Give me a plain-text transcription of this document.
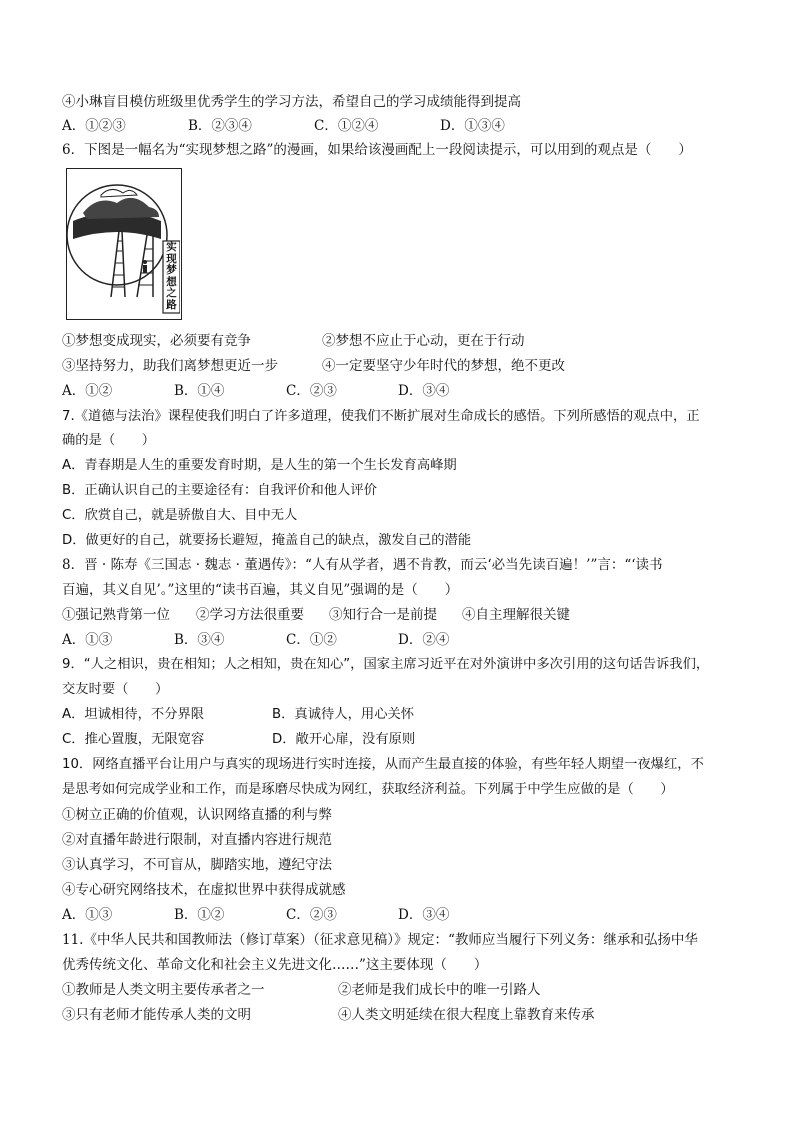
④小琳盲目模仿班级里优秀学生的学习方法，希望自己的学习成绩能得到提高
A．①②③	B．②③④	C．①②④	D．①③④
6．下图是一幅名为“实现梦想之路”的漫画，如果给该漫画配上一段阅读提示，可以用到的观点是（　　）
实
现
梦
想
之
路
①梦想变成现实，必须要有竞争	②梦想不应止于心动，更在于行动
③坚持努力，助我们离梦想更近一步	④一定要坚守少年时代的梦想，绝不更改
A．①②	B．①④	C．②③	D．③④
7.《道德与法治》课程使我们明白了许多道理，使我们不断扩展对生命成长的感悟。下列所感悟的观点中，正
确的是（　　）
A．青春期是人生的重要发育时期，是人生的第一个生长发育高峰期
B．正确认识自己的主要途径有：自我评价和他人评价
C．欣赏自己，就是骄傲自大、目中无人
D．做更好的自己，就要扬长避短，掩盖自己的缺点，激发自己的潜能
8．晋 · 陈寿《三国志 · 魏志 · 董遇传》：“人有从学者，遇不肯教，而云‘必当先读百遍！’”言：“‘读书
百遍，其义自见’。”这里的“读书百遍，其义自见”强调的是（　　）
①强记熟背第一位 ②学习方法很重要 ③知行合一是前提 ④自主理解很关键
A．①③	B．③④	C．①②	D．②④
9．“人之相识，贵在相知；人之相知，贵在知心”，国家主席习近平在对外演讲中多次引用的这句话告诉我们，
交友时要（　　）
A．坦诚相待，不分界限	B．真诚待人，用心关怀
C．推心置腹，无限宽容	D．敞开心扉，没有原则
10．网络直播平台让用户与真实的现场进行实时连接，从而产生最直接的体验，有些年轻人期望一夜爆红，不
是思考如何完成学业和工作，而是琢磨尽快成为网红，获取经济利益。下列属于中学生应做的是（　　）
①树立正确的价值观，认识网络直播的利与弊
②对直播年龄进行限制，对直播内容进行规范
③认真学习，不可盲从，脚踏实地，遵纪守法
④专心研究网络技术，在虚拟世界中获得成就感
A．①③	B．①②	C．②③	D．③④
11.《中华人民共和国教师法（修订草案）（征求意见稿）》规定：“教师应当履行下列义务：继承和弘扬中华
优秀传统文化、革命文化和社会主义先进文化……”这主要体现（　　）
①教师是人类文明主要传承者之一	②老师是我们成长中的唯一引路人
③只有老师才能传承人类的文明	④人类文明延续在很大程度上靠教育来传承
